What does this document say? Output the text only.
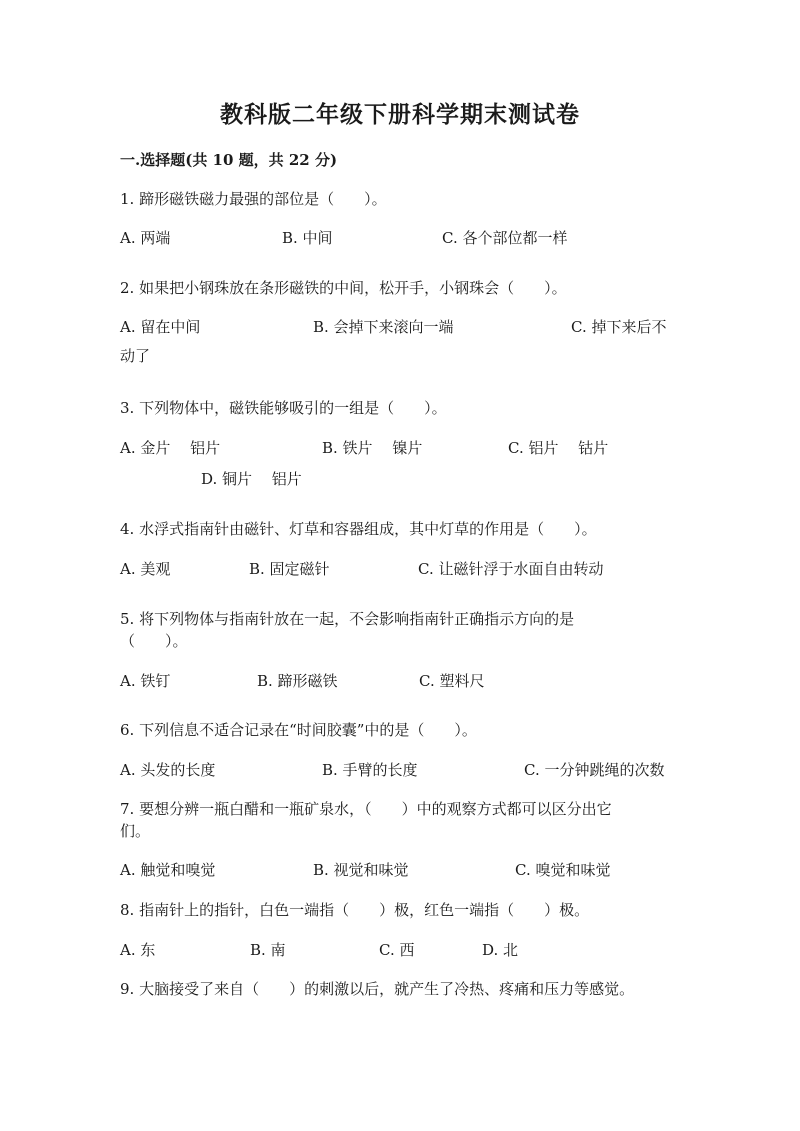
教科版二年级下册科学期末测试卷
一.选择题(共 10 题，共 22 分)
1. 蹄形磁铁磁力最强的部位是（　　）。
A. 两端	B. 中间	C. 各个部位都一样
2. 如果把小钢珠放在条形磁铁的中间，松开手，小钢珠会（　　）。
A. 留在中间	B. 会掉下来滚向一端	C. 掉下来后不
动了
3. 下列物体中，磁铁能够吸引的一组是（　　）。
A. 金片　 铝片	B. 铁片　 镍片	C. 铝片　 钴片
D. 铜片　 铝片
4. 水浮式指南针由磁针、灯草和容器组成，其中灯草的作用是（　　）。
A. 美观	B. 固定磁针	C. 让磁针浮于水面自由转动
5. 将下列物体与指南针放在一起，不会影响指南针正确指示方向的是
（　　）。
A. 铁钉	B. 蹄形磁铁	C. 塑料尺
6. 下列信息不适合记录在“时间胶囊”中的是（　　）。
A. 头发的长度	B. 手臂的长度	C. 一分钟跳绳的次数
7. 要想分辨一瓶白醋和一瓶矿泉水，（　　）中的观察方式都可以区分出它
们。
A. 触觉和嗅觉	B. 视觉和味觉	C. 嗅觉和味觉
8. 指南针上的指针，白色一端指（　　）极，红色一端指（　　）极。
A. 东	B. 南	C. 西	D. 北
9. 大脑接受了来自（　　）的刺激以后，就产生了冷热、疼痛和压力等感觉。
